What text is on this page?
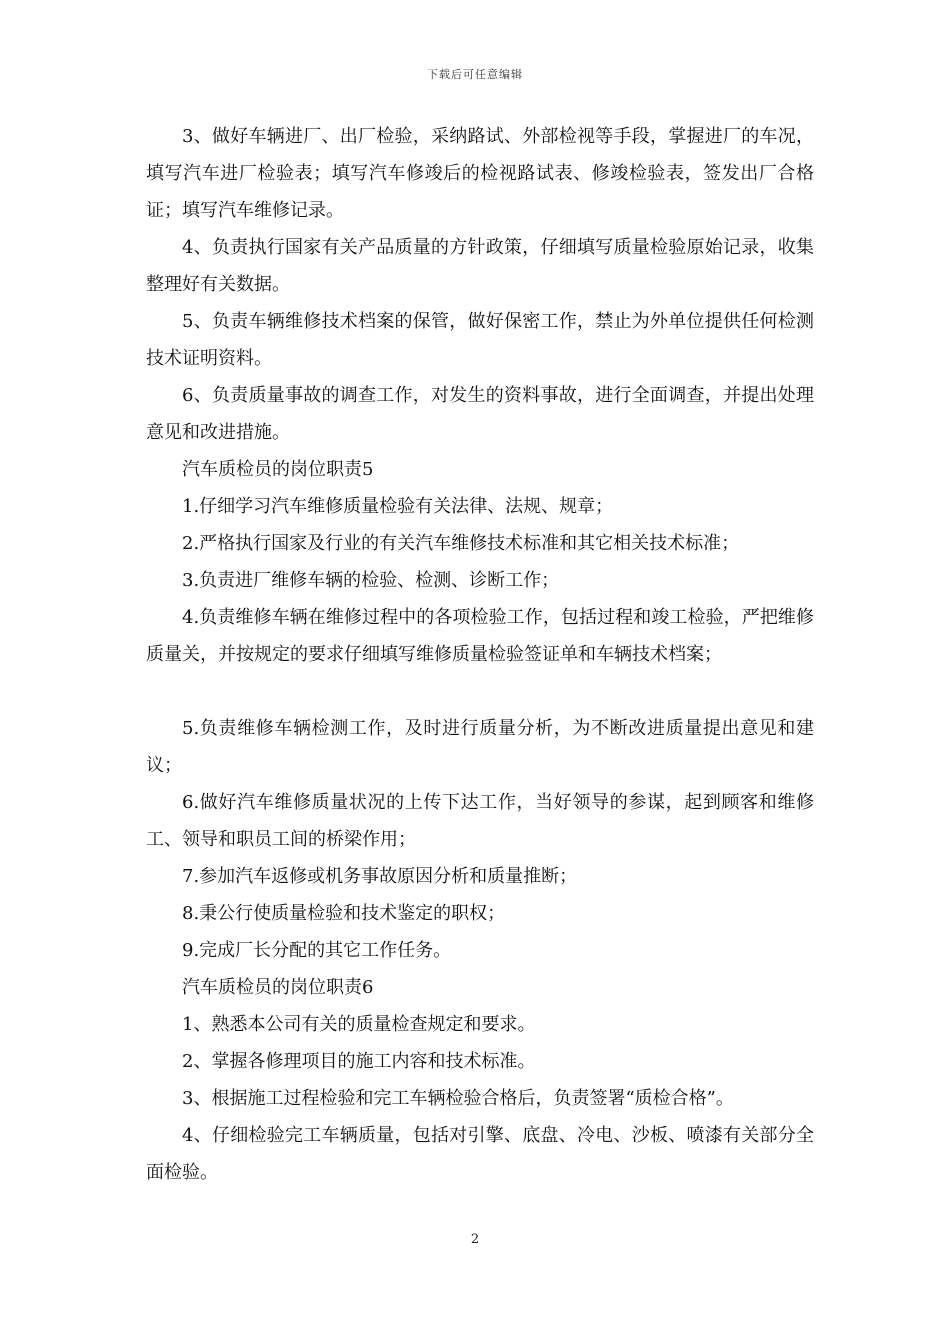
下载后可任意编辑

3、做好车辆进厂、出厂检验，采纳路试、外部检视等手段，掌握进厂的车况，填写汽车进厂检验表；填写汽车修竣后的检视路试表、修竣检验表，签发出厂合格证；填写汽车维修记录。

4、负责执行国家有关产品质量的方针政策，仔细填写质量检验原始记录，收集整理好有关数据。

5、负责车辆维修技术档案的保管，做好保密工作，禁止为外单位提供任何检测技术证明资料。

6、负责质量事故的调查工作，对发生的资料事故，进行全面调查，并提出处理意见和改进措施。

汽车质检员的岗位职责5

1.仔细学习汽车维修质量检验有关法律、法规、规章；

2.严格执行国家及行业的有关汽车维修技术标准和其它相关技术标准；

3.负责进厂维修车辆的检验、检测、诊断工作；

4.负责维修车辆在维修过程中的各项检验工作，包括过程和竣工检验，严把维修质量关，并按规定的要求仔细填写维修质量检验签证单和车辆技术档案；

5.负责维修车辆检测工作，及时进行质量分析，为不断改进质量提出意见和建议；

6.做好汽车维修质量状况的上传下达工作，当好领导的参谋，起到顾客和维修工、领导和职员工间的桥梁作用；

7.参加汽车返修或机务事故原因分析和质量推断；

8.秉公行使质量检验和技术鉴定的职权；

9.完成厂长分配的其它工作任务。

汽车质检员的岗位职责6

1、熟悉本公司有关的质量检查规定和要求。

2、掌握各修理项目的施工内容和技术标准。

3、根据施工过程检验和完工车辆检验合格后，负责签署“质检合格”。

4、仔细检验完工车辆质量，包括对引擎、底盘、冷电、沙板、喷漆有关部分全面检验。

2
